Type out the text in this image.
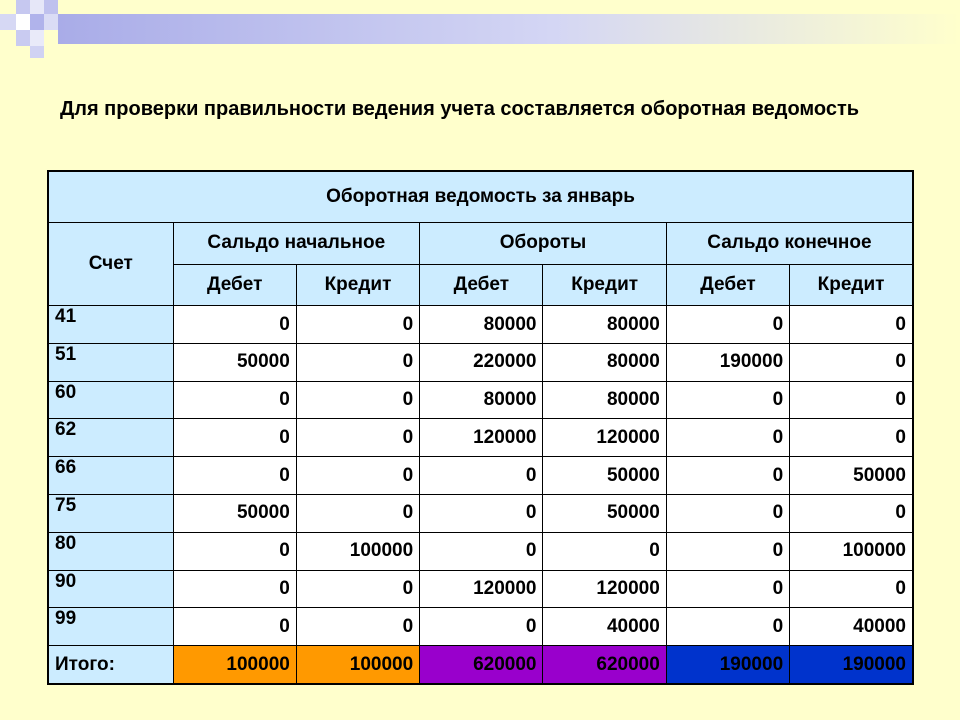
Для проверки правильности ведения учета составляется оборотная ведомость
Оборотная ведомость за январь						
Счет	Сальдо начальное		Обороты		Сальдо конечное	
	Дебет	Кредит	Дебет	Кредит	Дебет	Кредит
41	0	0	80000	80000	0	0
51	50000	0	220000	80000	190000	0
60	0	0	80000	80000	0	0
62	0	0	120000	120000	0	0
66	0	0	0	50000	0	50000
75	50000	0	0	50000	0	0
80	0	100000	0	0	0	100000
90	0	0	120000	120000	0	0
99	0	0	0	40000	0	40000
Итого:	100000	100000	620000	620000	190000	190000
